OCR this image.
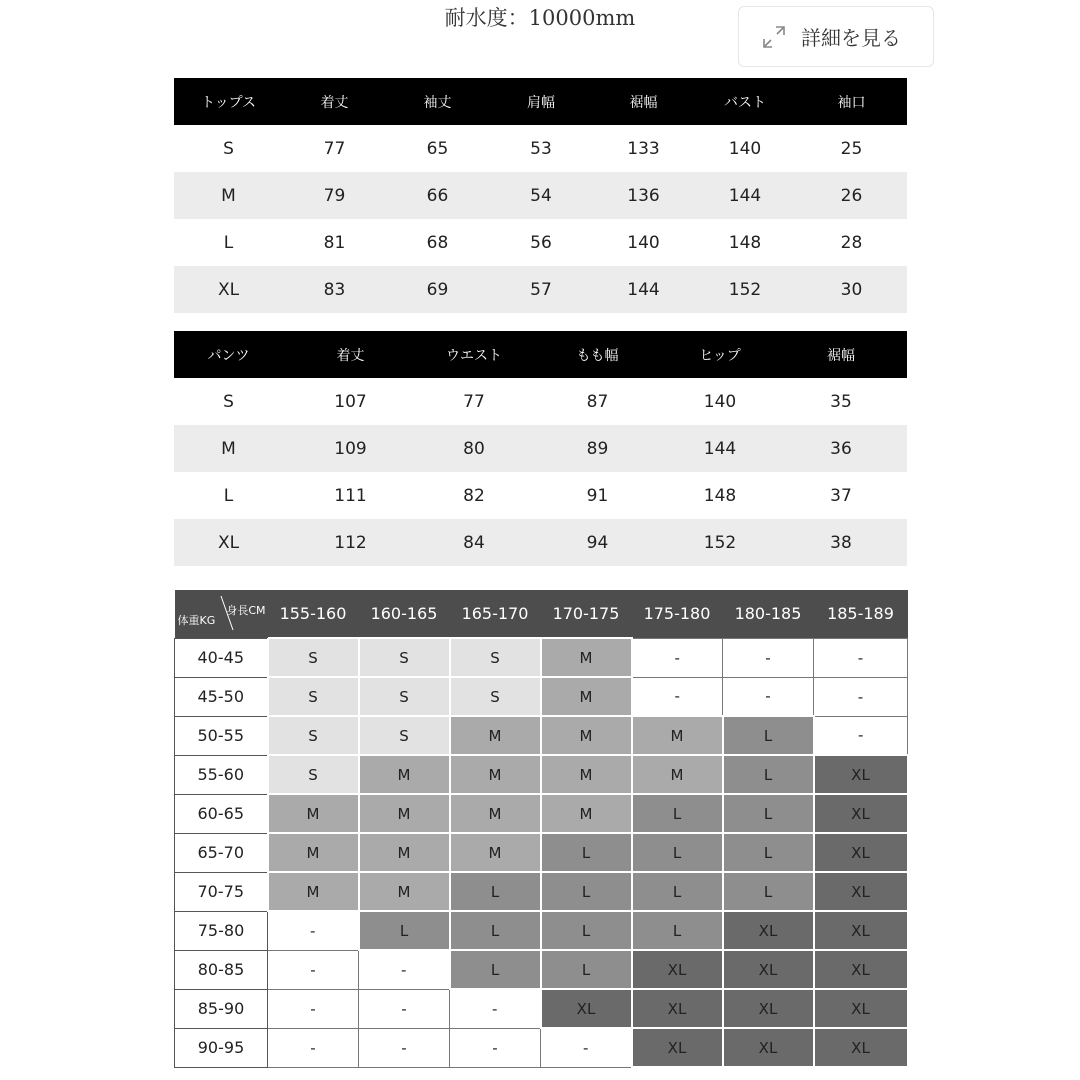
耐水度：10000mm
詳細を見る
トップス	着丈	袖丈	肩幅	裾幅	バスト	袖口
S	77	65	53	133	140	25
M	79	66	54	136	144	26
L	81	68	56	140	148	28
XL	83	69	57	144	152	30
パンツ	着丈	ウエスト	もも幅	ヒップ	裾幅
S	107	77	87	140	35
M	109	80	89	144	36
L	111	82	91	148	37
XL	112	84	94	152	38
身長CM
体重KG	155-160	160-165	165-170	170-175	175-180	180-185	185-189
40-45	S	S	S	M	-	-	-
45-50	S	S	S	M	-	-	-
50-55	S	S	M	M	M	L	-
55-60	S	M	M	M	M	L	XL
60-65	M	M	M	M	L	L	XL
65-70	M	M	M	L	L	L	XL
70-75	M	M	L	L	L	L	XL
75-80	-	L	L	L	L	XL	XL
80-85	-	-	L	L	XL	XL	XL
85-90	-	-	-	XL	XL	XL	XL
90-95	-	-	-	-	XL	XL	XL
